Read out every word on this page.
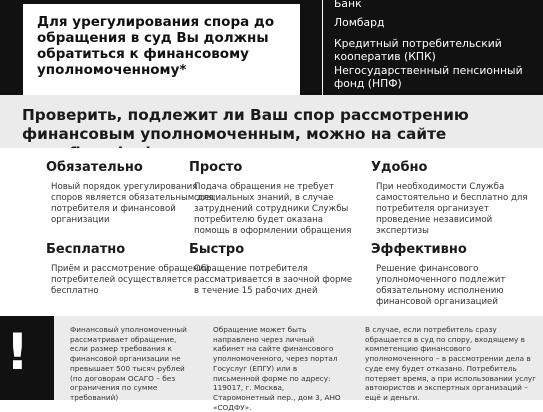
Для урегулирования спора до обращения в суд Вы должны обратиться к финансовому уполномоченному*
Банк
Ломбард
Кредитный потребительский кооператив (КПК)
Негосударственный пенсионный фонд (НПФ)
Проверить, подлежит ли Ваш спор рассмотрению финансовым уполномоченным, можно на сайте
Обязательно
Новый порядок урегулирования споров является обязательным для потребителя и финансовой организации
Просто
Подача обращения не требует специальных знаний, в случае затруднений сотрудники Службы потребителю будет оказана помощь в оформлении обращения
Удобно
При необходимости Служба самостоятельно и бесплатно для потребителя организует проведение независимой экспертизы
Бесплатно
Приём и рассмотрение обращений потребителей осуществляется бесплатно
Быстро
Обращение потребителя рассматривается в заочной форме в течение 15 рабочих дней
Эффективно
Решение финансового уполномоченного подлежит обязательному исполнению финансовой организацией
!	Финансовый уполномоченный рассматривает обращение, если размер требования к финансовой организации не превышает 500 тысяч рублей (по договорам ОСАГО – без ограничения по сумме требований)
Обращение может быть направлено через личный кабинет на сайте финансового уполномоченного, через портал Госуслуг (ЕПГУ) или в письменной форме по адресу: 119017, г. Москва, Старомонетный пер., дом 3, АНО «СОДФУ».
В случае, если потребитель сразу обращается в суд по спору, входящему в компетенцию финансового уполномоченного – в рассмотрении дела в суде ему будет отказано. Потребитель потеряет время, а при использовании услуг автоюристов и экспертных организаций – ещё и деньги.
